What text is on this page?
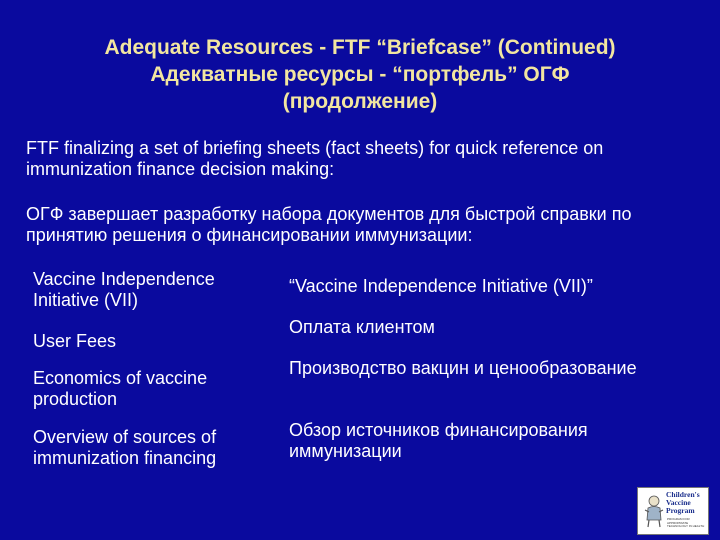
Adequate Resources - FTF “Briefcase” (Continued)
Адекватные ресурсы - “портфель” ОГФ
(продолжение)
FTF finalizing a set of briefing sheets (fact sheets) for quick reference on immunization finance decision making:
ОГФ завершает разработку набора документов для быстрой справки по принятию решения о финансировании иммунизации:
Vaccine Independence Initiative (VII)
“Vaccine Independence Initiative (VII)”
User Fees
Оплата клиентом
Economics of vaccine production
Производство вакцин и ценообразование
Overview of sources of immunization financing
Обзор источников финансирования иммунизации
Children's
Vaccine
Program
PROGRAM FOR APPROPRIATE TECHNOLOGY IN HEALTH
